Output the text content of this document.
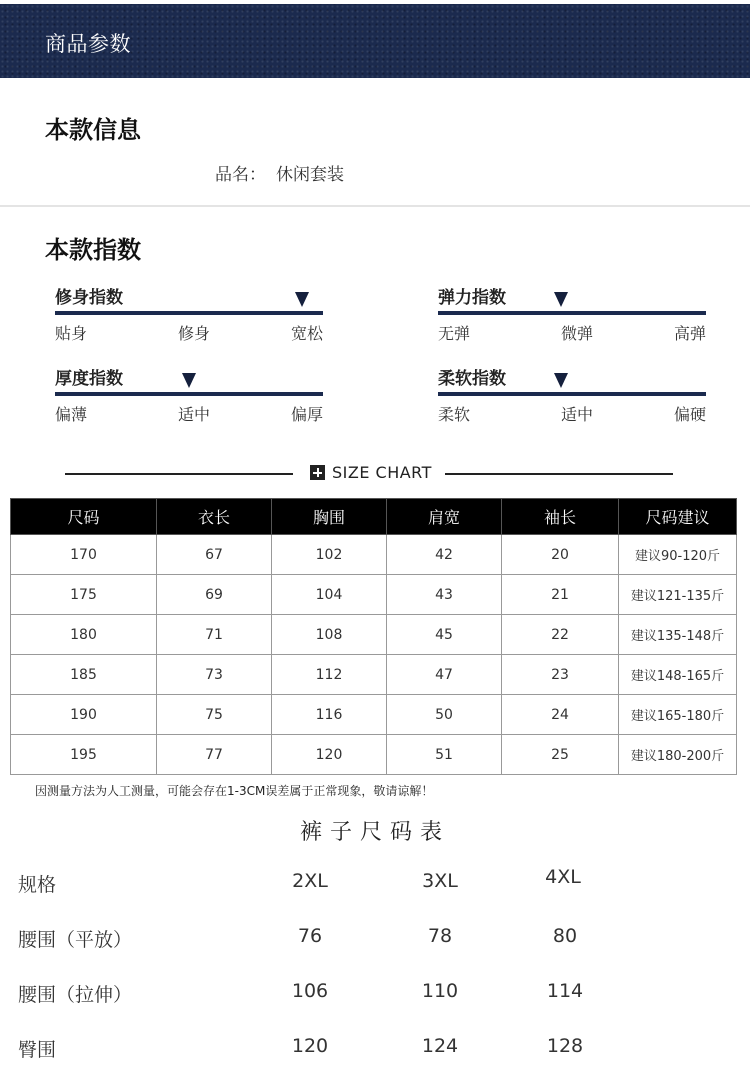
商品参数
本款信息
品名： 休闲套装
本款指数
修身指数
贴身	修身	宽松
弹力指数
无弹	微弹	高弹
厚度指数
偏薄	适中	偏厚
柔软指数
柔软	适中	偏硬
SIZE CHART
尺码	衣长	胸围	肩宽	袖长	尺码建议
170	67	102	42	20	建议90-120斤
175	69	104	43	21	建议121-135斤
180	71	108	45	22	建议135-148斤
185	73	112	47	23	建议148-165斤
190	75	116	50	24	建议165-180斤
195	77	120	51	25	建议180-200斤
因测量方法为人工测量，可能会存在1-3CM误差属于正常现象，敬请谅解！
裤子尺码表
规格	2XL	3XL	4XL
腰围（平放）	76	78	80
腰围（拉伸）	106	110	114
臀围	120	124	128
